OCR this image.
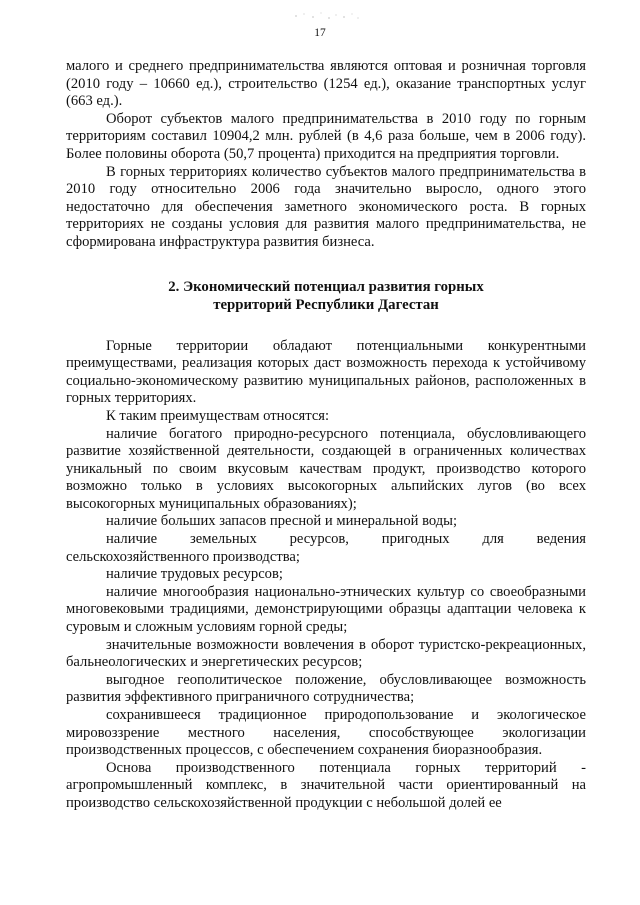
17

малого и среднего предпринимательства являются оптовая и розничная торговля (2010 году – 10660 ед.), строительство (1254 ед.), оказание транспортных услуг (663 ед.).

Оборот субъектов малого предпринимательства в 2010 году по горным территориям составил 10904,2 млн. рублей (в 4,6 раза больше, чем в 2006 году). Более половины оборота (50,7 процента) приходится на предприятия торговли.

В горных территориях количество субъектов малого предпринимательства в 2010 году относительно 2006 года значительно выросло, одного этого недостаточно для обеспечения заметного экономического роста. В горных территориях не созданы условия для развития малого предпринимательства, не сформирована инфраструктура развития бизнеса.

2. Экономический потенциал развития горных
территорий Республики Дагестан

Горные территории обладают потенциальными конкурентными преимуществами, реализация которых даст возможность перехода к устойчивому социально-экономическому развитию муниципальных районов, расположенных в горных территориях.

К таким преимуществам относятся:

наличие богатого природно-ресурсного потенциала, обусловливающего развитие хозяйственной деятельности, создающей в ограниченных количествах уникальный по своим вкусовым качествам продукт, производство которого возможно только в условиях высокогорных альпийских лугов (во всех высокогорных муниципальных образованиях);

наличие больших запасов пресной и минеральной воды;

наличие земельных ресурсов, пригодных для ведения сельскохозяйственного производства;

наличие трудовых ресурсов;

наличие многообразия национально-этнических культур со своеобразными многовековыми традициями, демонстрирующими образцы адаптации человека к суровым и сложным условиям горной среды;

значительные возможности вовлечения в оборот туристско-рекреационных, бальнеологических и энергетических ресурсов;

выгодное геополитическое положение, обусловливающее возможность развития эффективного приграничного сотрудничества;

сохранившееся традиционное природопользование и экологическое мировоззрение местного населения, способствующее экологизации производственных процессов, с обеспечением сохранения биоразнообразия.

Основа производственного потенциала горных территорий - агропромышленный комплекс, в значительной части ориентированный на производство сельскохозяйственной продукции с небольшой долей ее
